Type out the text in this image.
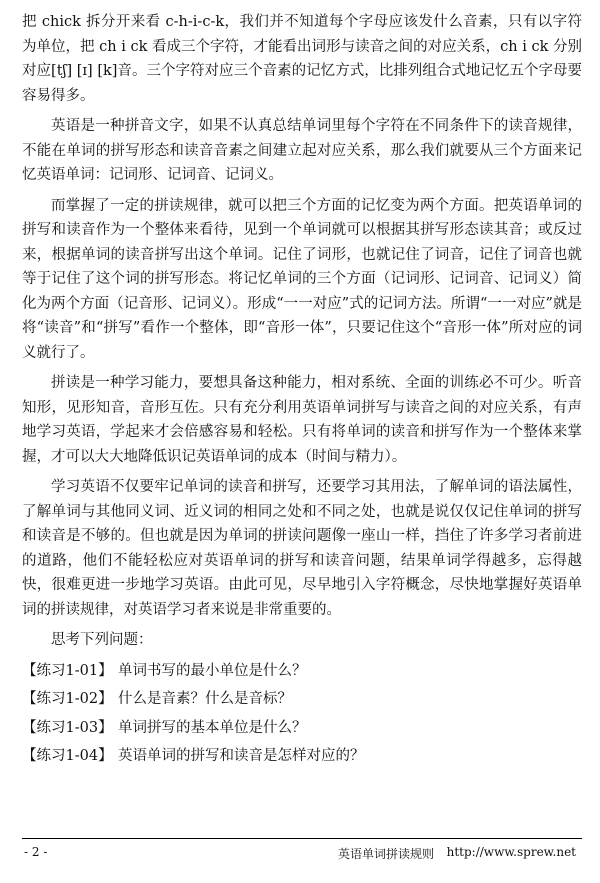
把 chick 拆分开来看 c-h-i-c-k，我们并不知道每个字母应该发什么音素，只有以字符为单位，把 ch i ck 看成三个字符，才能看出词形与读音之间的对应关系，ch i ck 分别对应[tʃ] [ɪ] [k]音。三个字符对应三个音素的记忆方式，比排列组合式地记忆五个字母要容易得多。

英语是一种拼音文字，如果不认真总结单词里每个字符在不同条件下的读音规律，不能在单词的拼写形态和读音音素之间建立起对应关系，那么我们就要从三个方面来记忆英语单词：记词形、记词音、记词义。

而掌握了一定的拼读规律，就可以把三个方面的记忆变为两个方面。把英语单词的拼写和读音作为一个整体来看待，见到一个单词就可以根据其拼写形态读其音；或反过来，根据单词的读音拼写出这个单词。记住了词形，也就记住了词音，记住了词音也就等于记住了这个词的拼写形态。将记忆单词的三个方面（记词形、记词音、记词义）简化为两个方面（记音形、记词义）。形成“一一对应”式的记词方法。所谓“一一对应”就是将“读音”和“拼写”看作一个整体，即“音形一体”，只要记住这个“音形一体”所对应的词义就行了。

拼读是一种学习能力，要想具备这种能力，相对系统、全面的训练必不可少。听音知形，见形知音，音形互佐。只有充分利用英语单词拼写与读音之间的对应关系，有声地学习英语，学起来才会倍感容易和轻松。只有将单词的读音和拼写作为一个整体来掌握，才可以大大地降低识记英语单词的成本（时间与精力）。

学习英语不仅要牢记单词的读音和拼写，还要学习其用法，了解单词的语法属性，了解单词与其他同义词、近义词的相同之处和不同之处，也就是说仅仅记住单词的拼写和读音是不够的。但也就是因为单词的拼读问题像一座山一样，挡住了许多学习者前进的道路，他们不能轻松应对英语单词的拼写和读音问题，结果单词学得越多，忘得越快，很难更进一步地学习英语。由此可见，尽早地引入字符概念，尽快地掌握好英语单词的拼读规律，对英语学习者来说是非常重要的。

思考下列问题：

【练习1-01】 单词书写的最小单位是什么？
【练习1-02】 什么是音素？什么是音标？
【练习1-03】 单词拼写的基本单位是什么？
【练习1-04】 英语单词的拼写和读音是怎样对应的？
- 2 -	英语单词拼读规则 http://www.sprew.net
